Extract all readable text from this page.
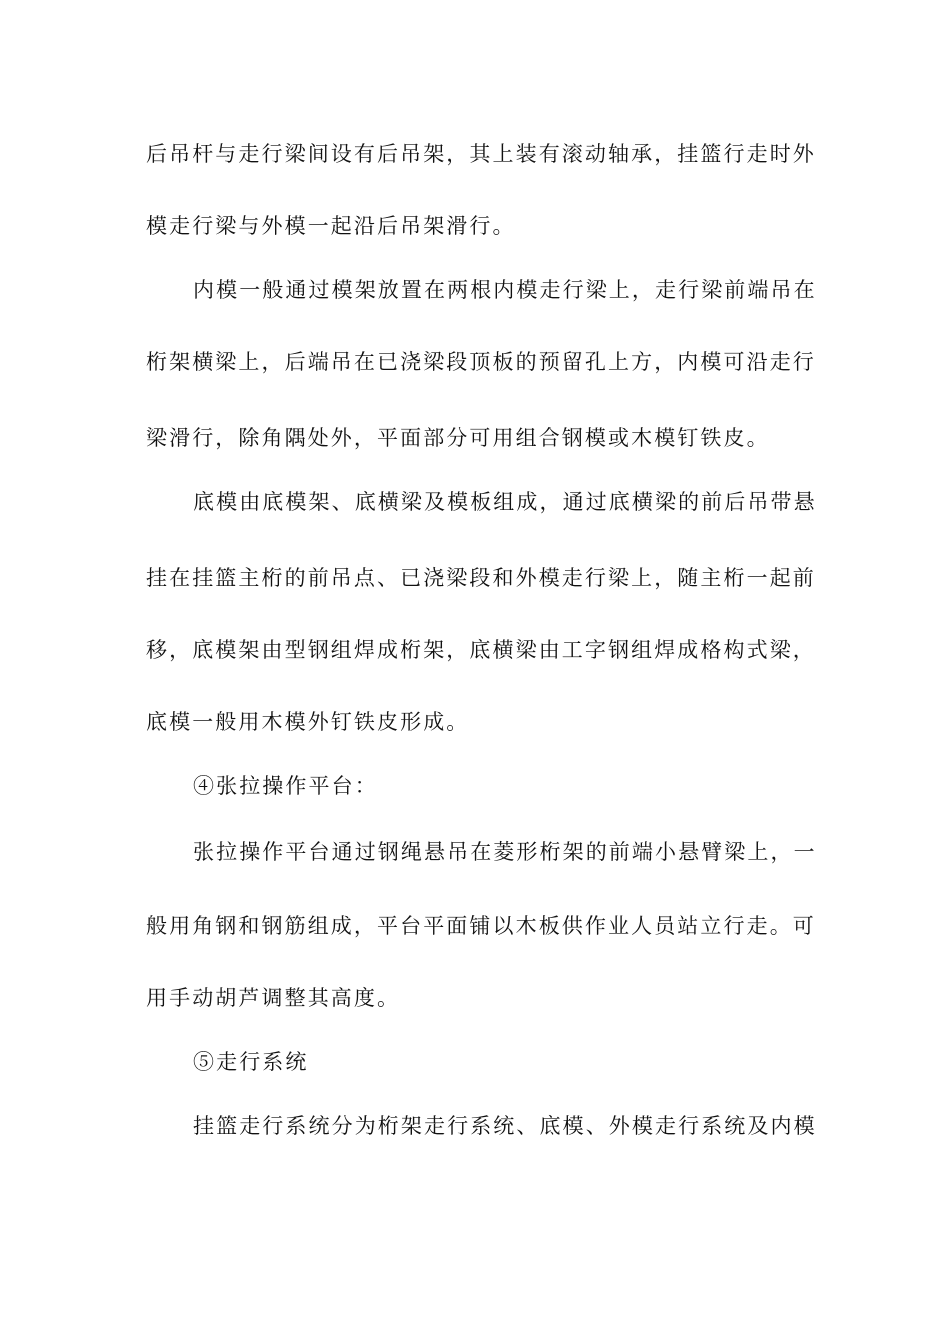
后吊杆与走行梁间设有后吊架，其上装有滚动轴承，挂篮行走时外
模走行梁与外模一起沿后吊架滑行。
内模一般通过模架放置在两根内模走行梁上，走行梁前端吊在
桁架横梁上，后端吊在已浇梁段顶板的预留孔上方，内模可沿走行
梁滑行，除角隅处外，平面部分可用组合钢模或木模钉铁皮。
底模由底模架、底横梁及模板组成，通过底横梁的前后吊带悬
挂在挂篮主桁的前吊点、已浇梁段和外模走行梁上，随主桁一起前
移，底模架由型钢组焊成桁架，底横梁由工字钢组焊成格构式梁，
底模一般用木模外钉铁皮形成。
④张拉操作平台：
张拉操作平台通过钢绳悬吊在菱形桁架的前端小悬臂梁上，一
般用角钢和钢筋组成，平台平面铺以木板供作业人员站立行走。可
用手动胡芦调整其高度。
⑤走行系统
挂篮走行系统分为桁架走行系统、底模、外模走行系统及内模
